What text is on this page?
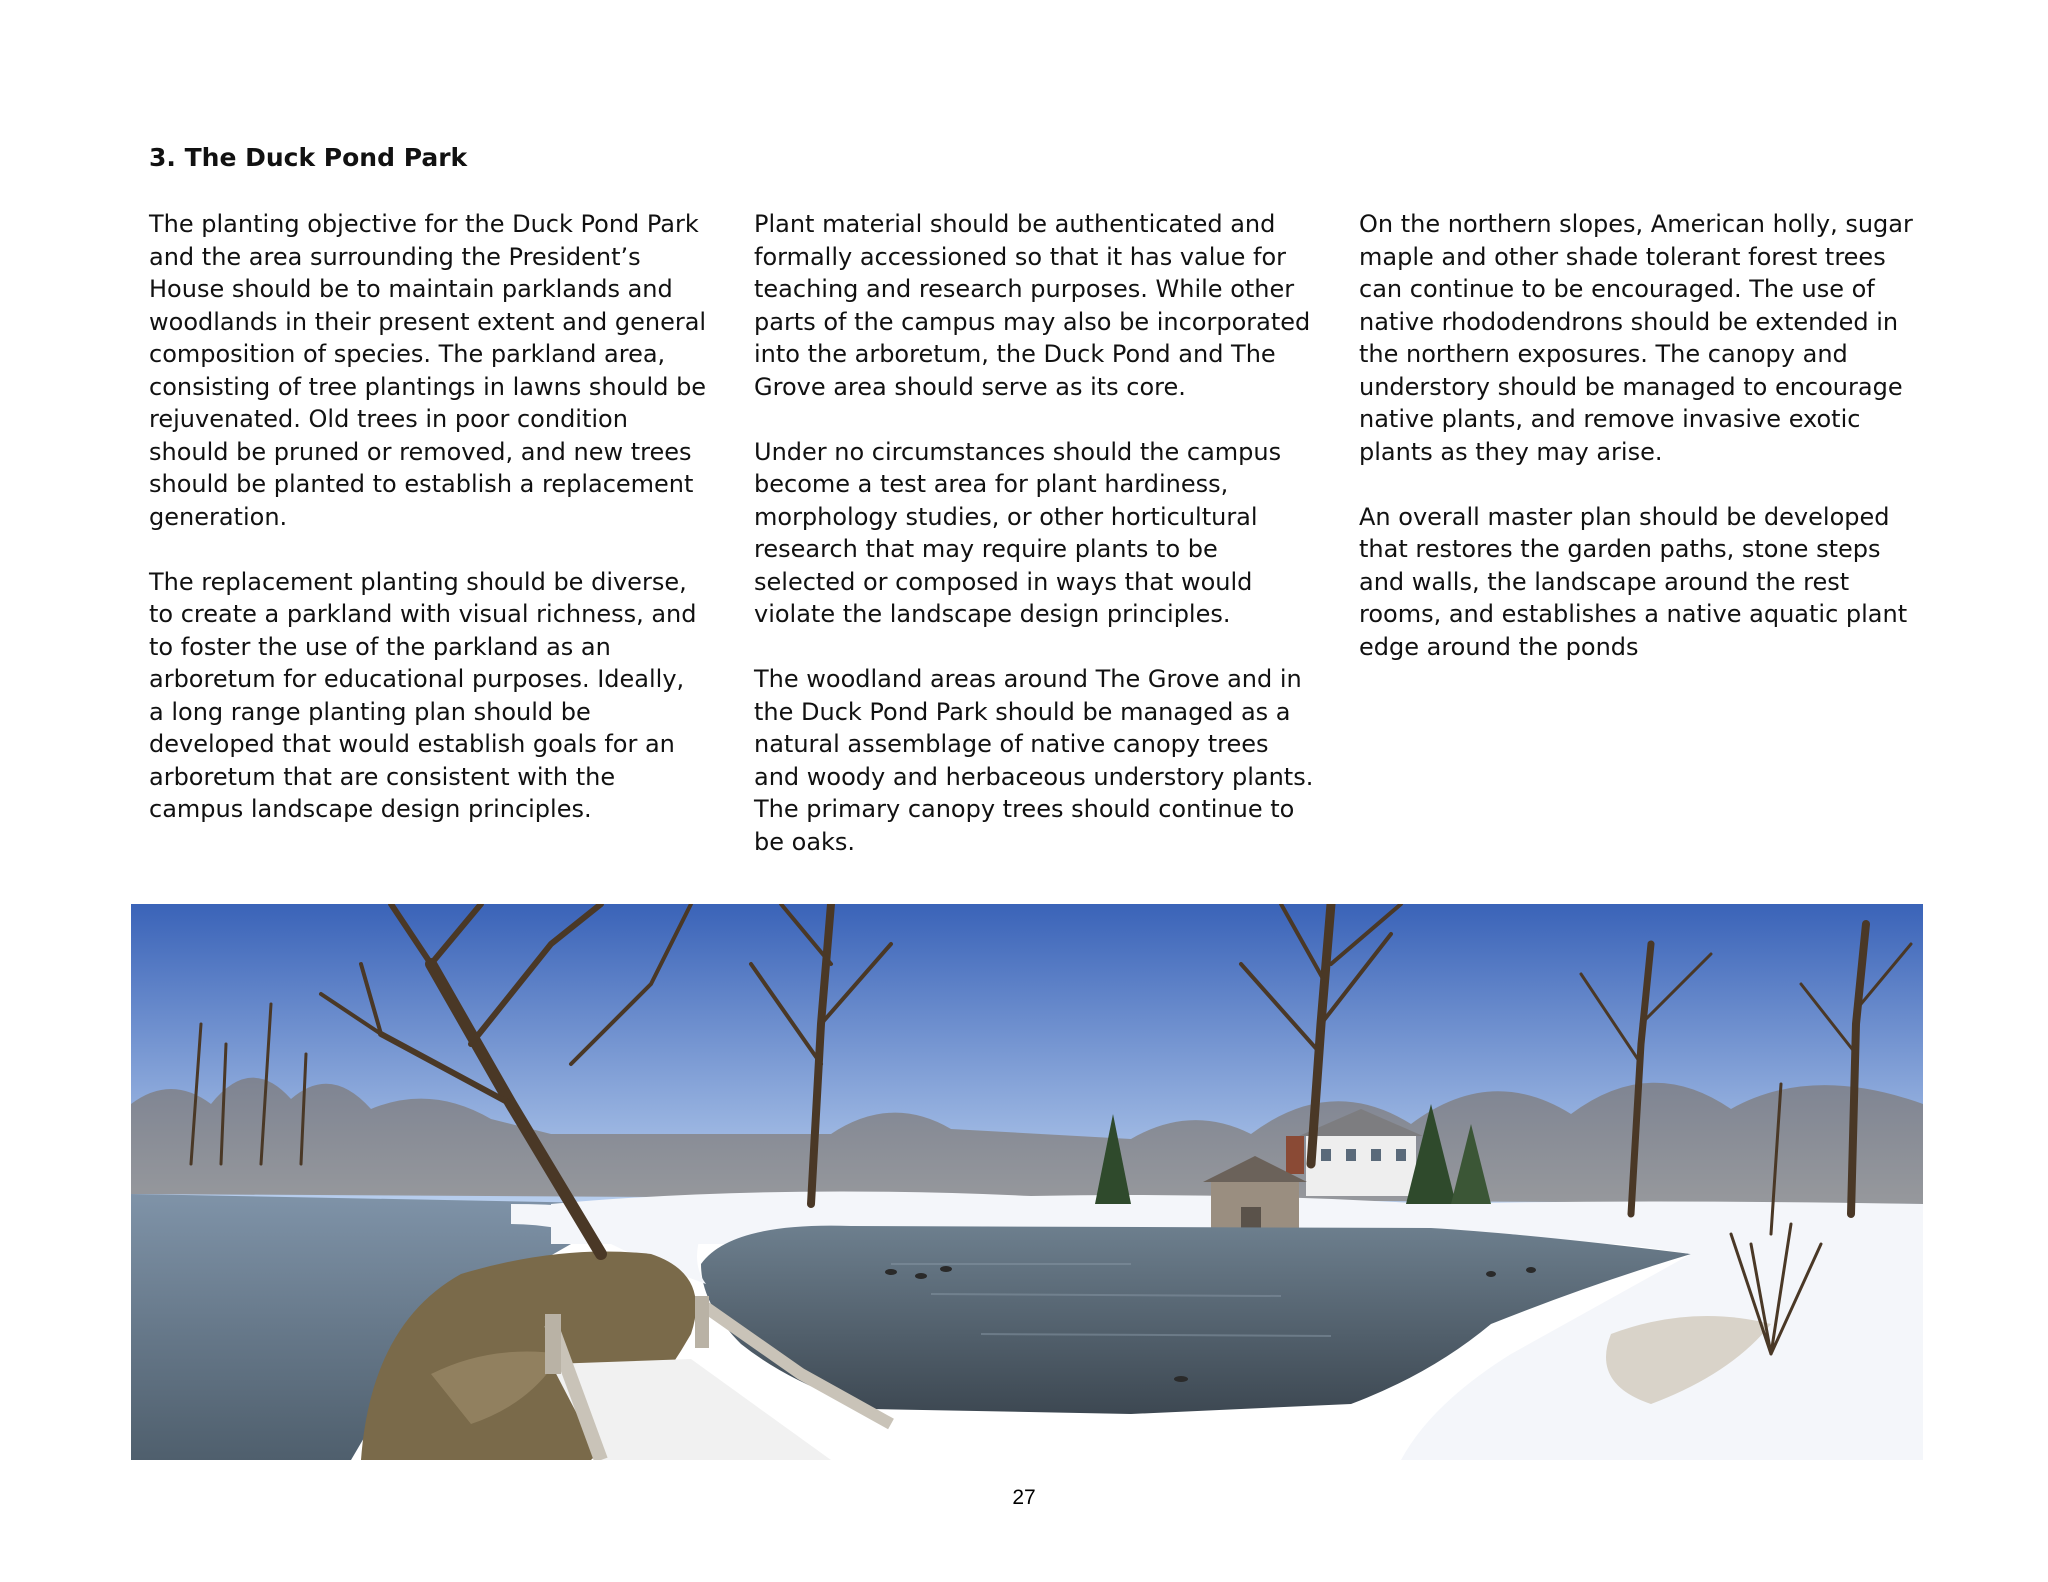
3. The Duck Pond Park

The planting objective for the Duck Pond Park
and the area surrounding the President’s
House should be to maintain parklands and
woodlands in their present extent and general
composition of species. The parkland area,
consisting of tree plantings in lawns should be
rejuvenated. Old trees in poor condition
should be pruned or removed, and new trees
should be planted to establish a replacement
generation.

The replacement planting should be diverse,
to create a parkland with visual richness, and
to foster the use of the parkland as an
arboretum for educational purposes. Ideally,
a long range planting plan should be
developed that would establish goals for an
arboretum that are consistent with the
campus landscape design principles.

Plant material should be authenticated and
formally accessioned so that it has value for
teaching and research purposes. While other
parts of the campus may also be incorporated
into the arboretum, the Duck Pond and The
Grove area should serve as its core.

Under no circumstances should the campus
become a test area for plant hardiness,
morphology studies, or other horticultural
research that may require plants to be
selected or composed in ways that would
violate the landscape design principles.

The woodland areas around The Grove and in
the Duck Pond Park should be managed as a
natural assemblage of native canopy trees
and woody and herbaceous understory plants.
The primary canopy trees should continue to
be oaks.

On the northern slopes, American holly, sugar
maple and other shade tolerant forest trees
can continue to be encouraged. The use of
native rhododendrons should be extended in
the northern exposures. The canopy and
understory should be managed to encourage
native plants, and remove invasive exotic
plants as they may arise.

An overall master plan should be developed
that restores the garden paths, stone steps
and walls, the landscape around the rest
rooms, and establishes a native aquatic plant
edge around the ponds

27
